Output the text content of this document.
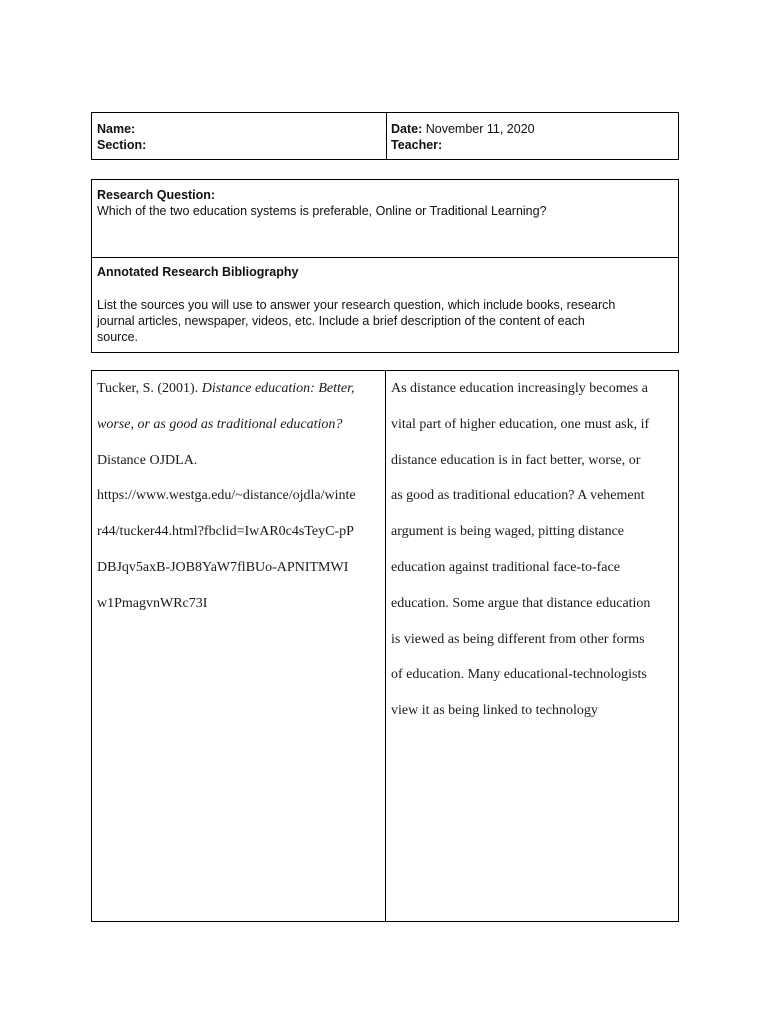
Name:
Section:
Date: November 11, 2020
Teacher:
Research Question:
Which of the two education systems is preferable, Online or Traditional Learning?
Annotated Research Bibliography
List the sources you will use to answer your research question, which include books, research
journal articles, newspaper, videos, etc. Include a brief description of the content of each
source.
Tucker, S. (2001). Distance education: Better,
worse, or as good as traditional education?
Distance OJDLA.
https://www.westga.edu/~distance/ojdla/winte
r44/tucker44.html?fbclid=IwAR0c4sTeyC-pP
DBJqv5axB-JOB8YaW7flBUo-APNITMWI
w1PmagvnWRc73I
As distance education increasingly becomes a
vital part of higher education, one must ask, if
distance education is in fact better, worse, or
as good as traditional education? A vehement
argument is being waged, pitting distance
education against traditional face-to-face
education. Some argue that distance education
is viewed as being different from other forms
of education. Many educational-technologists
view it as being linked to technology
